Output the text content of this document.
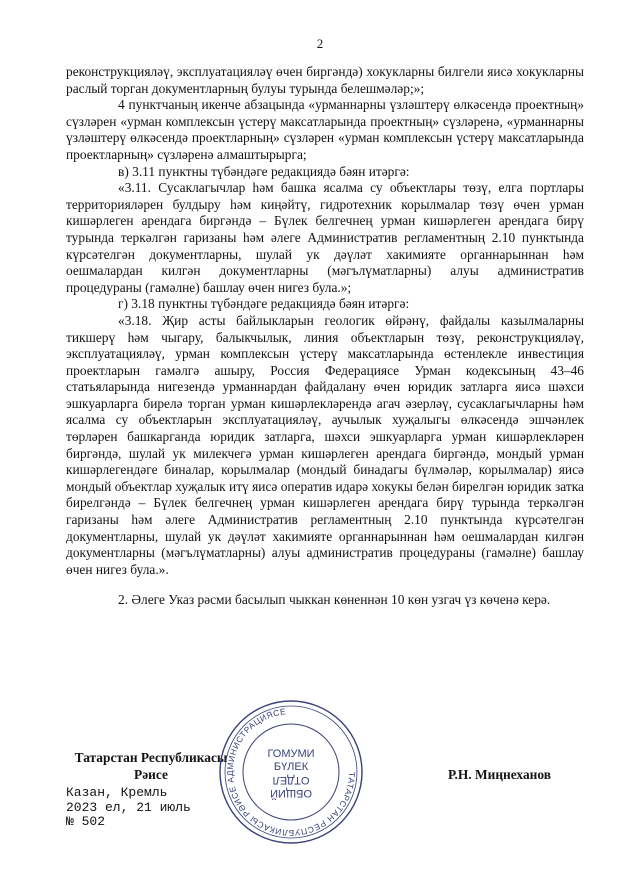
2

реконструкцияләү, эксплуатацияләү өчен биргәндә) хокукларны билгели яисә хокукларны раслый торган документларның булуы турында белешмәләр;»;

4 пунктчаның икенче абзацында «урманнарны үзләштерү өлкәсендә проектның» сүзләрен «урман комплексын үстерү максатларында проектның» сүзләренә, «урманнарны үзләштерү өлкәсендә проектларның» сүзләрен «урман комплексын үстерү максатларында проектларның» сүзләренә алмаштырырга;

в) 3.11 пунктны түбәндәге редакциядә бәян итәргә:

«3.11. Сусаклагычлар һәм башка ясалма су объектлары төзү, елга портлары территорияләрен булдыру һәм киңәйтү, гидротехник корылмалар төзү өчен урман кишәрлеген арендага биргәндә – Бүлек белгечнең урман кишәрлеген арендага бирү турында теркәлгән гаризаны һәм әлеге Административ регламентның 2.10 пунктында күрсәтелгән документларны, шулай ук дәүләт хакимияте органнарыннан һәм оешмалардан килгән документларны (мәгълүматларны) алуы административ процедураны (гамәлне) башлау өчен нигез була.»;

г) 3.18 пунктны түбәндәге редакциядә бәян итәргә:

«3.18. Җир асты байлыкларын геологик өйрәнү, файдалы казылмаларны тикшерү һәм чыгару, балыкчылык, линия объектларын төзү, реконструкцияләү, эксплуатацияләү, урман комплексын үстерү максатларында өстенлекле инвестиция проектларын гамәлгә ашыру, Россия Федерациясе Урман кодексының 43–46 статьяларында нигезендә урманнардан файдалану өчен юридик затларга яисә шәхси эшкуарларга бирелә торган урман кишәрлекләрендә агач әзерләү, сусаклагычларны һәм ясалма су объектларын эксплуатацияләү, аучылык хуҗалыгы өлкәсендә эшчәнлек төрләрен башкарганда юридик затларга, шәхси эшкуарларга урман кишәрлекләрен биргәндә, шулай ук милекчегә урман кишәрлеген арендага биргәндә, мондый урман кишәрлегендәге биналар, корылмалар (мондый бинадагы бүлмәләр, корылмалар) яисә мондый объектлар хуҗалык итү яисә оператив идарә хокукы белән бирелгән юридик затка бирелгәндә – Бүлек белгечнең урман кишәрлеген арендага бирү турында теркәлгән гаризаны һәм әлеге Административ регламентның 2.10 пунктында күрсәтелгән документларны, шулай ук дәүләт хакимияте органнарыннан һәм оешмалардан килгән документларны (мәгълүматларны) алуы административ процедураны (гамәлне) башлау өчен нигез була.».

2. Әлеге Указ рәсми басылып чыккан көненнән 10 көн узгач үз көченә керә.

Татарстан Республикасы
Рәисе
Казан, Кремль
2023 ел, 21 июль
№ 502
Р.Н. Миңнеханов
ТАТАРСТАН РЕСПУБЛИКАСЫ РӘИСЕ АДМИНИСТРАЦИЯСЕ
ГОМУМИ
БҮЛЕК
ОТДЕЛ
ОБЩИЙ
